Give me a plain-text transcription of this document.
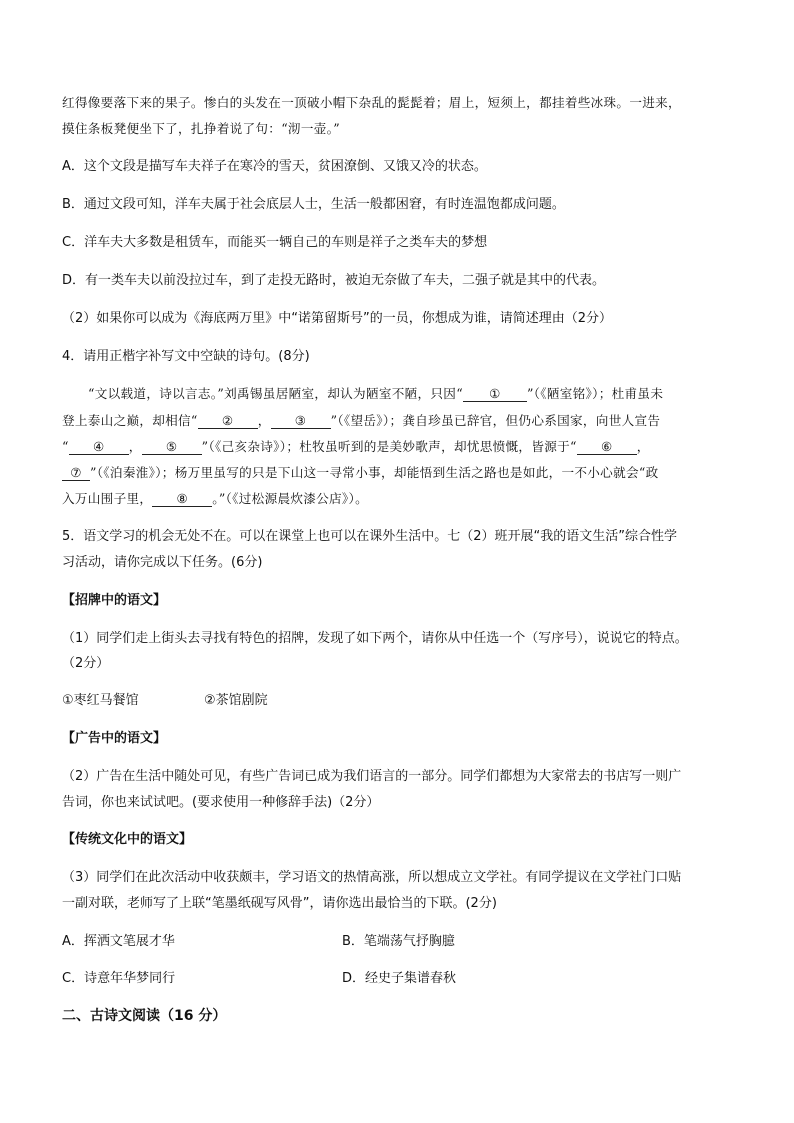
红得像要落下来的果子。惨白的头发在一顶破小帽下杂乱的髭髭着；眉上，短须上，都挂着些冰珠。一进来，
摸住条板凳便坐下了，扎挣着说了句：“沏一壶。”
A．这个文段是描写车夫祥子在寒冷的雪天，贫困潦倒、又饿又冷的状态。
B．通过文段可知，洋车夫属于社会底层人士，生活一般都困窘，有时连温饱都成问题。
C．洋车夫大多数是租赁车，而能买一辆自己的车则是祥子之类车夫的梦想
D．有一类车夫以前没拉过车，到了走投无路时，被迫无奈做了车夫，二强子就是其中的代表。
（2）如果你可以成为《海底两万里》中“诺第留斯号”的一员，你想成为谁，请简述理由（2分）
4．请用正楷字补写文中空缺的诗句。(8分)
“文以载道，诗以言志。”刘禹锡虽居陋室，却认为陋室不陋，只因“ ① ”（《陋室铭》）；杜甫虽未
登上泰山之巅，却相信“ ② ， ③ ”（《望岳》）；龚自珍虽已辞官，但仍心系国家，向世人宣告
“ ④ ， ⑤ ”（《己亥杂诗》）；杜牧虽听到的是美妙歌声，却忧思愤慨，皆源于“ ⑥ ，
⑦ ”（《泊秦淮》）；杨万里虽写的只是下山这一寻常小事，却能悟到生活之路也是如此，一不小心就会“政
入万山围子里， ⑧ 。”（《过松源晨炊漆公店》）。
5．语文学习的机会无处不在。可以在课堂上也可以在课外生活中。七（2）班开展“我的语文生活”综合性学
习活动，请你完成以下任务。(6分)
【招牌中的语文】
（1）同学们走上街头去寻找有特色的招牌，发现了如下两个，请你从中任选一个（写序号），说说它的特点。
（2分）
①枣红马餐馆	②茶馆剧院
【广告中的语文】
（2）广告在生活中随处可见，有些广告词已成为我们语言的一部分。同学们都想为大家常去的书店写一则广
告词，你也来试试吧。(要求使用一种修辞手法)（2分）
【传统文化中的语文】
（3）同学们在此次活动中收获颇丰，学习语文的热情高涨，所以想成立文学社。有同学提议在文学社门口贴
一副对联，老师写了上联“笔墨纸砚写风骨”，请你选出最恰当的下联。(2分)
A．挥洒文笔展才华	B．笔端荡气抒胸臆
C．诗意年华梦同行	D．经史子集谱春秋
二、古诗文阅读（16 分）
